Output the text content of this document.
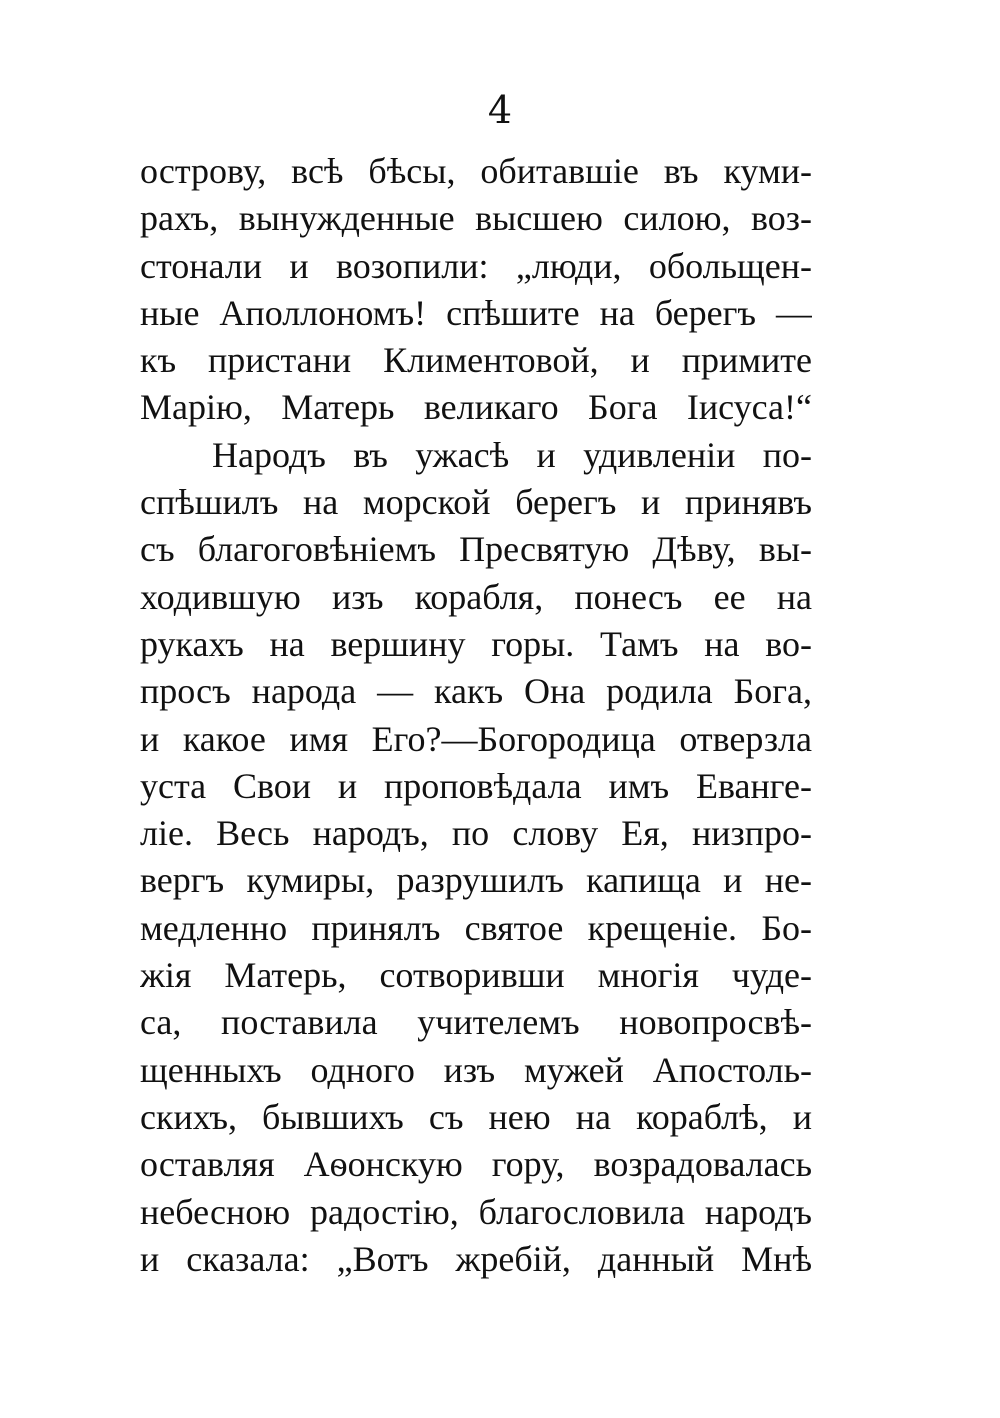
4
острову, всѣ бѣсы, обитавшіе въ куми-
рахъ, вынужденные высшею силою, воз-
стонали и возопили: „люди, обольщен-
ные Аполлономъ! спѣшите на берегъ —
къ пристани Климентовой, и примите
Марію, Матерь великаго Бога Іисуса!“
Народъ въ ужасѣ и удивленіи по-
спѣшилъ на морской берегъ и принявъ
съ благоговѣніемъ Пресвятую Дѣву, вы-
ходившую изъ корабля, понесъ ее на
рукахъ на вершину горы. Тамъ на во-
просъ народа — какъ Она родила Бога,
и какое имя Его?—Богородица отверзла
уста Свои и проповѣдала имъ Еванге-
ліе. Весь народъ, по слову Ея, низпро-
вергъ кумиры, разрушилъ капища и не-
медленно принялъ святое крещеніе. Бо-
жія Матерь, сотворивши многія чуде-
са, поставила учителемъ новопросвѣ-
щенныхъ одного изъ мужей Апостоль-
скихъ, бывшихъ съ нею на кораблѣ, и
оставляя Аѳонскую гору, возрадовалась
небесною радостію, благословила народъ
и сказала: „Вотъ жребій, данный Мнѣ
